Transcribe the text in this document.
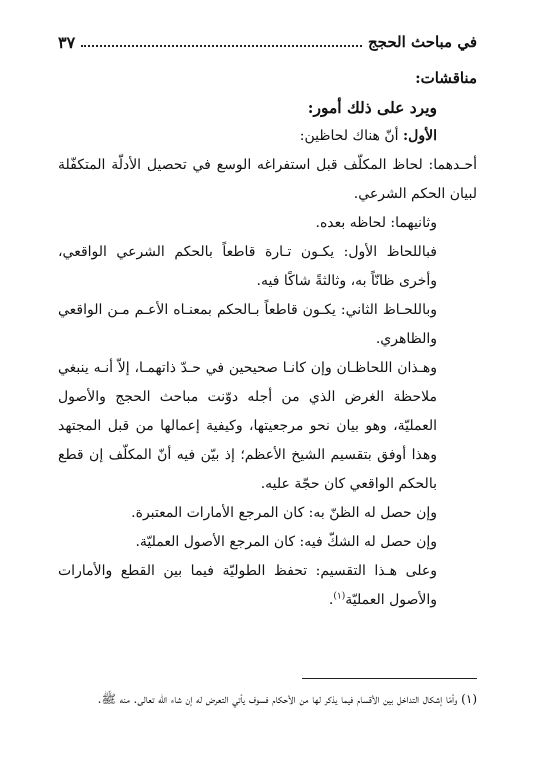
في مباحث الحجج
٣٧

مناقشات:

ويرد على ذلك أمور:

الأول: أنّ هناك لحاظين:

أحـدهما: لحاظ المكلّف قبل استفراغه الوسع في تحصيل الأدلّة المتكفّلة لبيان الحكم الشرعي.

وثانيهما: لحاظه بعده.

فباللحاظ الأول: يكـون تـارة قاطعاً بالحكم الشرعي الواقعي، وأخرى ظانّاً به، وثالثةً شاكًا فيه.

وباللحـاظ الثاني: يكـون قاطعاً بـالحكم بمعنـاه الأعـم مـن الواقعي والظاهري.

وهـذان اللحاظـان وإن كانـا صحيحين في حـدّ ذاتهمـا، إلاّ أنـه ينبغي ملاحظة الغرض الذي من أجله دوّنت مباحث الحجج والأصول العمليّة، وهو بيان نحو مرجعيتها، وكيفية إعمالها من قبل المجتهد وهذا أوفق بتقسيم الشيخ الأعظم؛ إذ بيّن فيه أنّ المكلّف إن قطع بالحكم الواقعي كان حجّة عليه.

وإن حصل له الظنّ به: كان المرجع الأمارات المعتبرة.

وإن حصل له الشكّ فيه: كان المرجع الأصول العمليّة.

وعلى هـذا التقسيم: تحفظ الطوليّة فيما بين القطع والأمارات والأصول العمليّة$^{(١)}$.

(١) وأمّا إشكال التداخل بين الأقسام فيما يذكر لها من الأحكام فسوف يأتي التعرض له إن شاء الله تعالى. منه ﷺ.
